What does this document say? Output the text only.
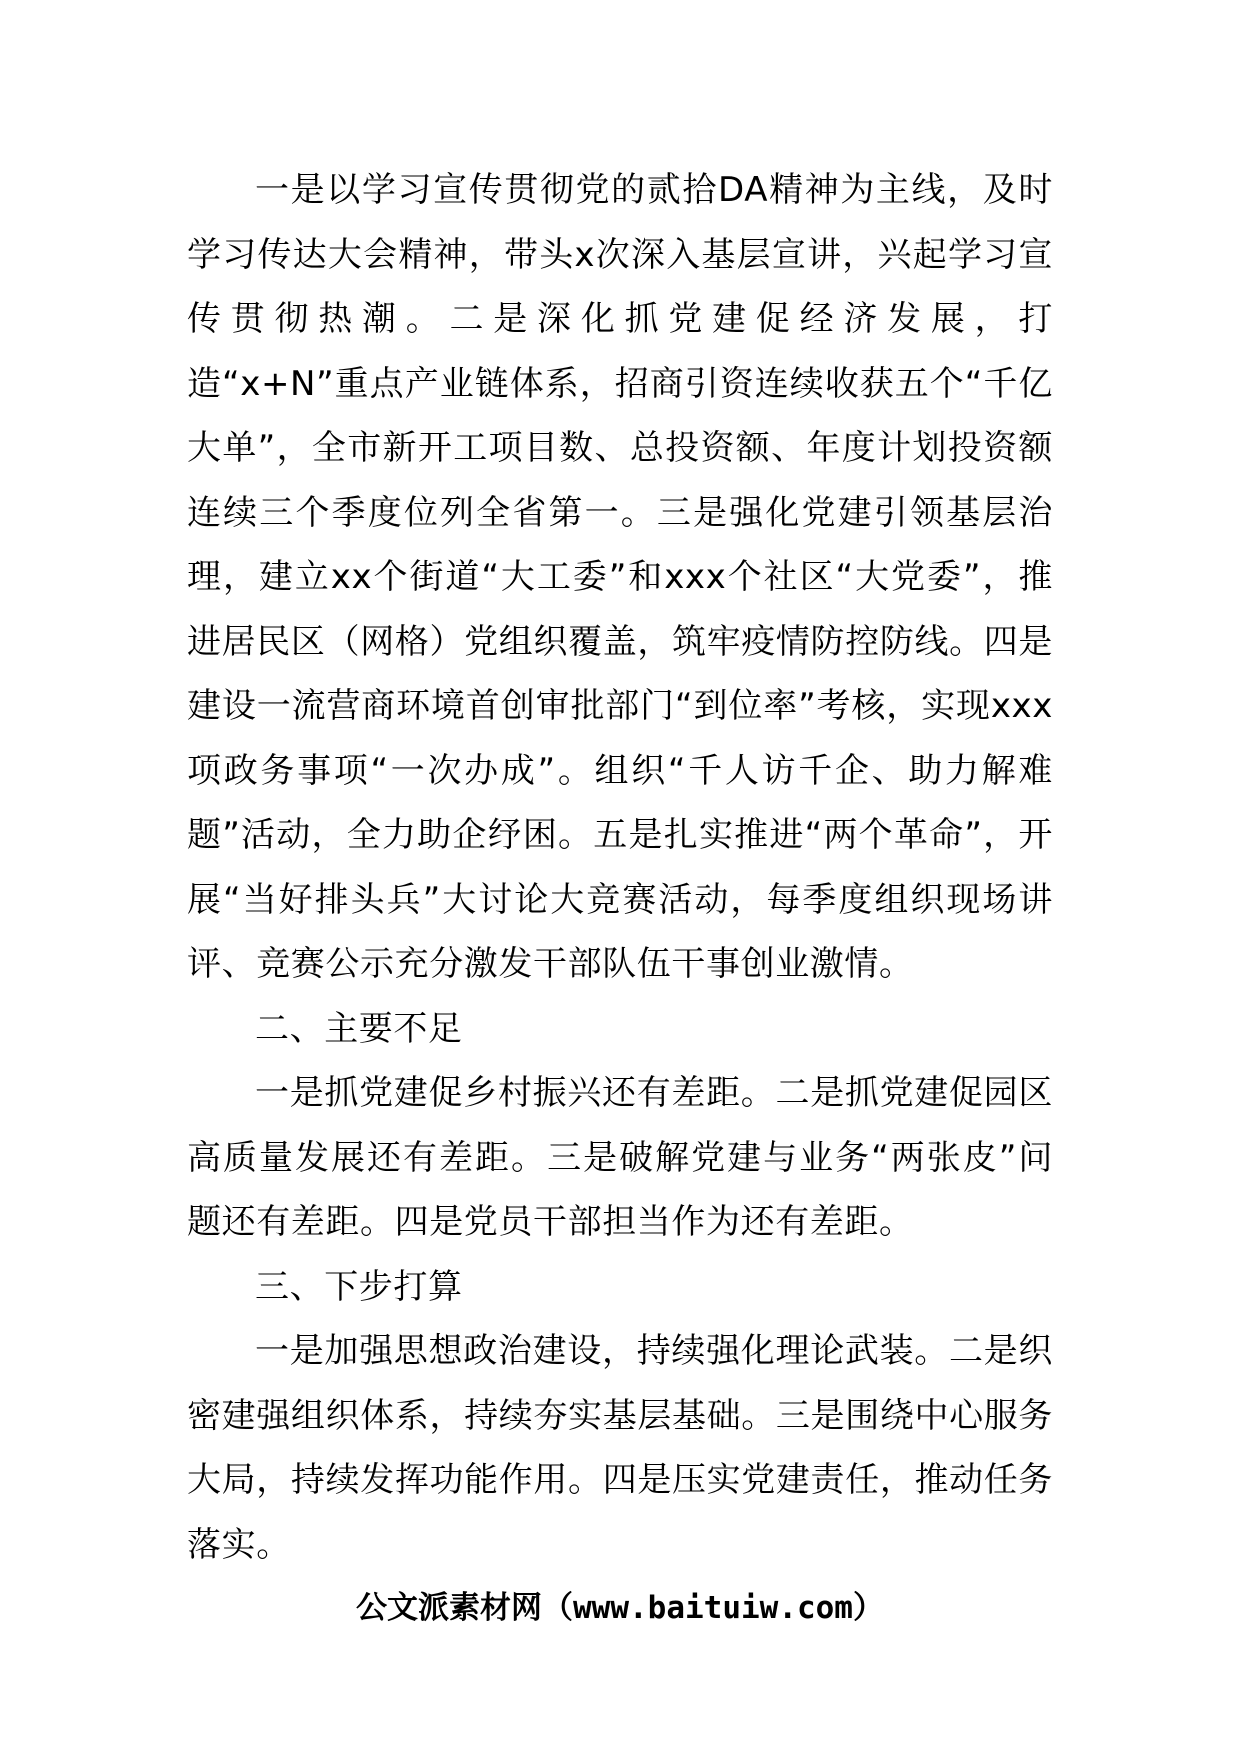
一是以学习宣传贯彻党的贰拾DA精神为主线，及时学习传达大会精神，带头x次深入基层宣讲，兴起学习宣传贯彻热潮。二是深化抓党建促经济发展，打造“x+N”重点产业链体系，招商引资连续收获五个“千亿大单”，全市新开工项目数、总投资额、年度计划投资额连续三个季度位列全省第一。三是强化党建引领基层治理，建立xx个街道“大工委”和xxx个社区“大党委”，推进居民区（网格）党组织覆盖，筑牢疫情防控防线。四是建设一流营商环境首创审批部门“到位率”考核，实现xxx项政务事项“一次办成”。组织“千人访千企、助力解难题”活动，全力助企纾困。五是扎实推进“两个革命”，开展“当好排头兵”大讨论大竞赛活动，每季度组织现场讲评、竞赛公示充分激发干部队伍干事创业激情。

二、主要不足

一是抓党建促乡村振兴还有差距。二是抓党建促园区高质量发展还有差距。三是破解党建与业务“两张皮”问题还有差距。四是党员干部担当作为还有差距。

三、下步打算

一是加强思想政治建设，持续强化理论武装。二是织密建强组织体系，持续夯实基层基础。三是围绕中心服务大局，持续发挥功能作用。四是压实党建责任，推动任务落实。

公文派素材网（www.baituiw.com）
